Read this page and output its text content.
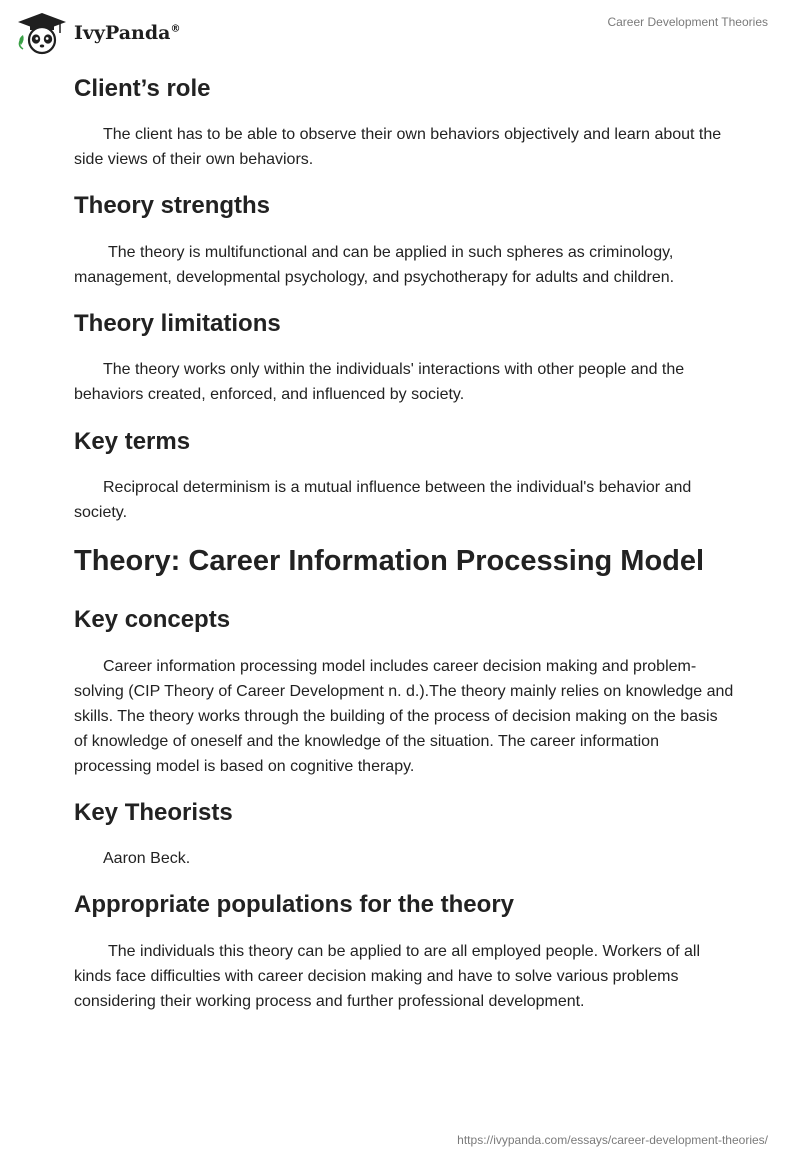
IvyPanda®
Career Development Theories
Client’s role
The client has to be able to observe their own behaviors objectively and learn about the side views of their own behaviors.
Theory strengths
The theory is multifunctional and can be applied in such spheres as criminology, management, developmental psychology, and psychotherapy for adults and children.
Theory limitations
The theory works only within the individuals' interactions with other people and the behaviors created, enforced, and influenced by society.
Key terms
Reciprocal determinism is a mutual influence between the individual's behavior and society.
Theory: Career Information Processing Model
Key concepts
Career information processing model includes career decision making and problem-solving (CIP Theory of Career Development n. d.).The theory mainly relies on knowledge and skills. The theory works through the building of the process of decision making on the basis of knowledge of oneself and the knowledge of the situation. The career information processing model is based on cognitive therapy.
Key Theorists
Aaron Beck.
Appropriate populations for the theory
The individuals this theory can be applied to are all employed people. Workers of all kinds face difficulties with career decision making and have to solve various problems considering their working process and further professional development.
https://ivypanda.com/essays/career-development-theories/
